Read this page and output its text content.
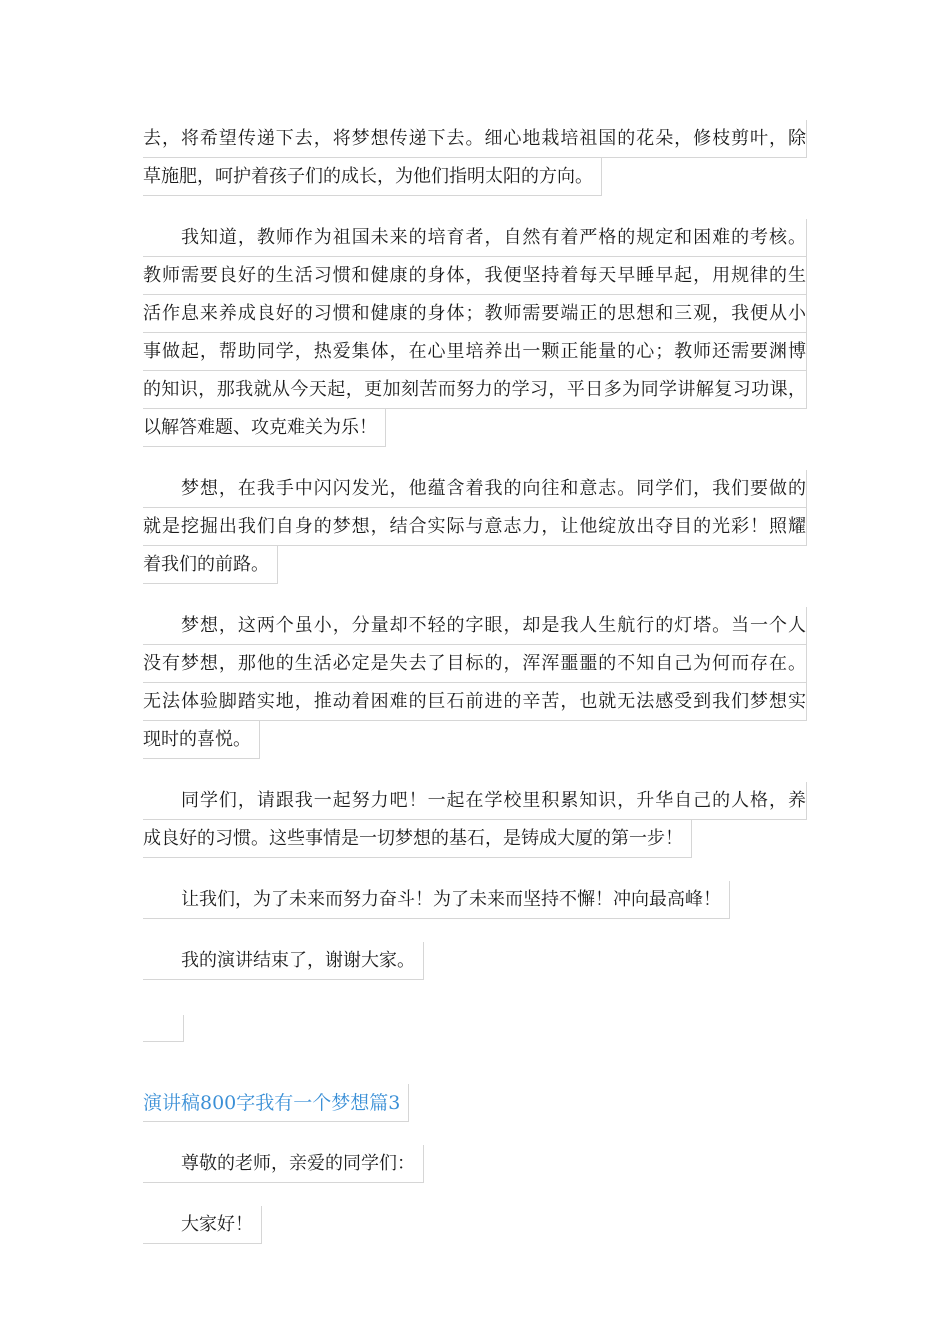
去，将希望传递下去，将梦想传递下去。细心地栽培祖国的花朵，修枝剪叶，除
草施肥，呵护着孩子们的成长，为他们指明太阳的方向。
我知道，教师作为祖国未来的培育者，自然有着严格的规定和困难的考核。
教师需要良好的生活习惯和健康的身体，我便坚持着每天早睡早起，用规律的生
活作息来养成良好的习惯和健康的身体；教师需要端正的思想和三观，我便从小
事做起，帮助同学，热爱集体，在心里培养出一颗正能量的心；教师还需要渊博
的知识，那我就从今天起，更加刻苦而努力的学习，平日多为同学讲解复习功课，
以解答难题、攻克难关为乐！
梦想，在我手中闪闪发光，他蕴含着我的向往和意志。同学们，我们要做的
就是挖掘出我们自身的梦想，结合实际与意志力，让他绽放出夺目的光彩！照耀
着我们的前路。
梦想，这两个虽小，分量却不轻的字眼，却是我人生航行的灯塔。当一个人
没有梦想，那他的生活必定是失去了目标的，浑浑噩噩的不知自己为何而存在。
无法体验脚踏实地，推动着困难的巨石前进的辛苦，也就无法感受到我们梦想实
现时的喜悦。
同学们，请跟我一起努力吧！一起在学校里积累知识，升华自己的人格，养
成良好的习惯。这些事情是一切梦想的基石，是铸成大厦的第一步！
让我们，为了未来而努力奋斗！为了未来而坚持不懈！冲向最高峰！
我的演讲结束了，谢谢大家。
演讲稿800字我有一个梦想篇3
尊敬的老师，亲爱的同学们：
大家好！
